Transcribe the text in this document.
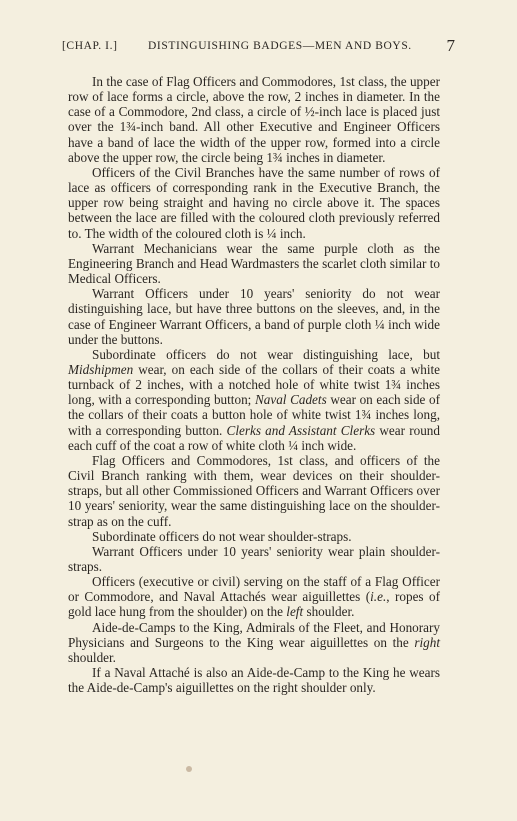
[CHAP. I.]	DISTINGUISHING BADGES—MEN AND BOYS. 7

In the case of Flag Officers and Commodores, 1st class, the upper row of lace forms a circle, above the row, 2 inches in diameter. In the case of a Commodore, 2nd class, a circle of ½-inch lace is placed just over the 1¾-inch band. All other Executive and Engineer Officers have a band of lace the width of the upper row, formed into a circle above the upper row, the circle being 1¾ inches in diameter.

Officers of the Civil Branches have the same number of rows of lace as officers of corresponding rank in the Executive Branch, the upper row being straight and having no circle above it. The spaces between the lace are filled with the coloured cloth previously referred to. The width of the coloured cloth is ¼ inch.

Warrant Mechanicians wear the same purple cloth as the Engineering Branch and Head Wardmasters the scarlet cloth similar to Medical Officers.

Warrant Officers under 10 years' seniority do not wear distinguishing lace, but have three buttons on the sleeves, and, in the case of Engineer Warrant Officers, a band of purple cloth ¼ inch wide under the buttons.

Subordinate officers do not wear distinguishing lace, but Midshipmen wear, on each side of the collars of their coats a white turnback of 2 inches, with a notched hole of white twist 1¾ inches long, with a corresponding button; Naval Cadets wear on each side of the collars of their coats a button hole of white twist 1¾ inches long, with a corresponding button. Clerks and Assistant Clerks wear round each cuff of the coat a row of white cloth ¼ inch wide.

Flag Officers and Commodores, 1st class, and officers of the Civil Branch ranking with them, wear devices on their shoulder-straps, but all other Commissioned Officers and Warrant Officers over 10 years' seniority, wear the same distinguishing lace on the shoulder-strap as on the cuff.

Subordinate officers do not wear shoulder-straps.

Warrant Officers under 10 years' seniority wear plain shoulder-straps.

Officers (executive or civil) serving on the staff of a Flag Officer or Commodore, and Naval Attachés wear aiguillettes (i.e., ropes of gold lace hung from the shoulder) on the left shoulder.

Aide-de-Camps to the King, Admirals of the Fleet, and Honorary Physicians and Surgeons to the King wear aiguillettes on the right shoulder.

If a Naval Attaché is also an Aide-de-Camp to the King he wears the Aide-de-Camp's aiguillettes on the right shoulder only.
